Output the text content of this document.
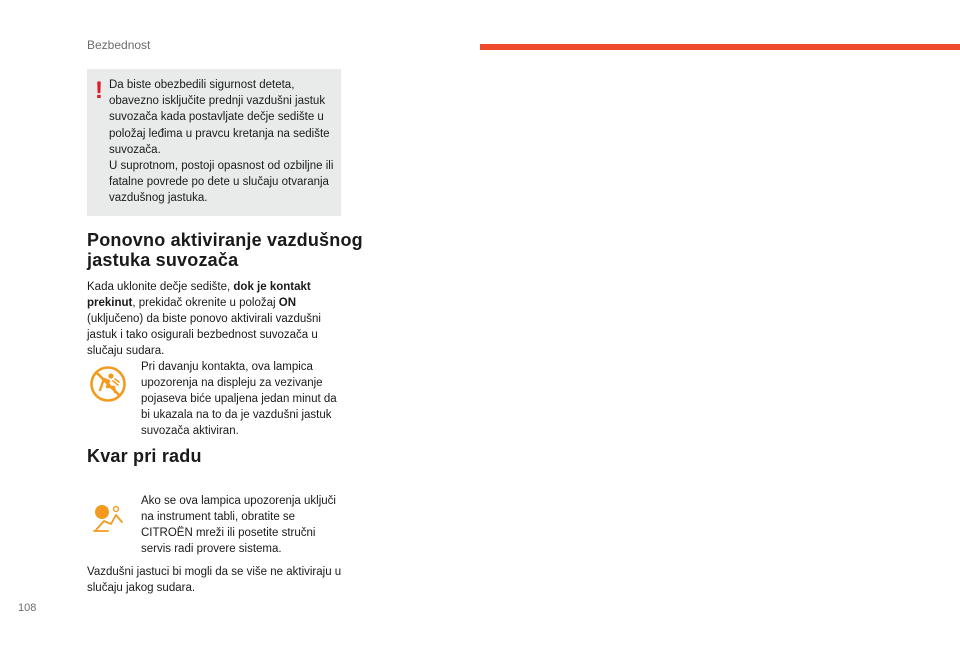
Bezbednost
! Da biste obezbedili sigurnost deteta, obavezno isključite prednji vazdušni jastuk suvozača kada postavljate dečje sedište u položaj leđima u pravcu kretanja na sedište suvozača.

U suprotnom, postoji opasnost od ozbiljne ili fatalne povrede po dete u slučaju otvaranja vazdušnog jastuka.

Ponovno aktiviranje vazdušnog jastuka suvozača

Kada uklonite dečje sedište, dok je kontakt prekinut, prekidač okrenite u položaj ON (uključeno) da biste ponovo aktivirali vazdušni jastuk i tako osigurali bezbednost suvozača u slučaju sudara.

Pri davanju kontakta, ova lampica upozorenja na displeju za vezivanje pojaseva biće upaljena jedan minut da bi ukazala na to da je vazdušni jastuk suvozača aktiviran.

Kvar pri radu

Ako se ova lampica upozorenja uključi na instrument tabli, obratite se CITROËN mreži ili posetite stručni servis radi provere sistema.

Vazdušni jastuci bi mogli da se više ne aktiviraju u slučaju jakog sudara.

108
